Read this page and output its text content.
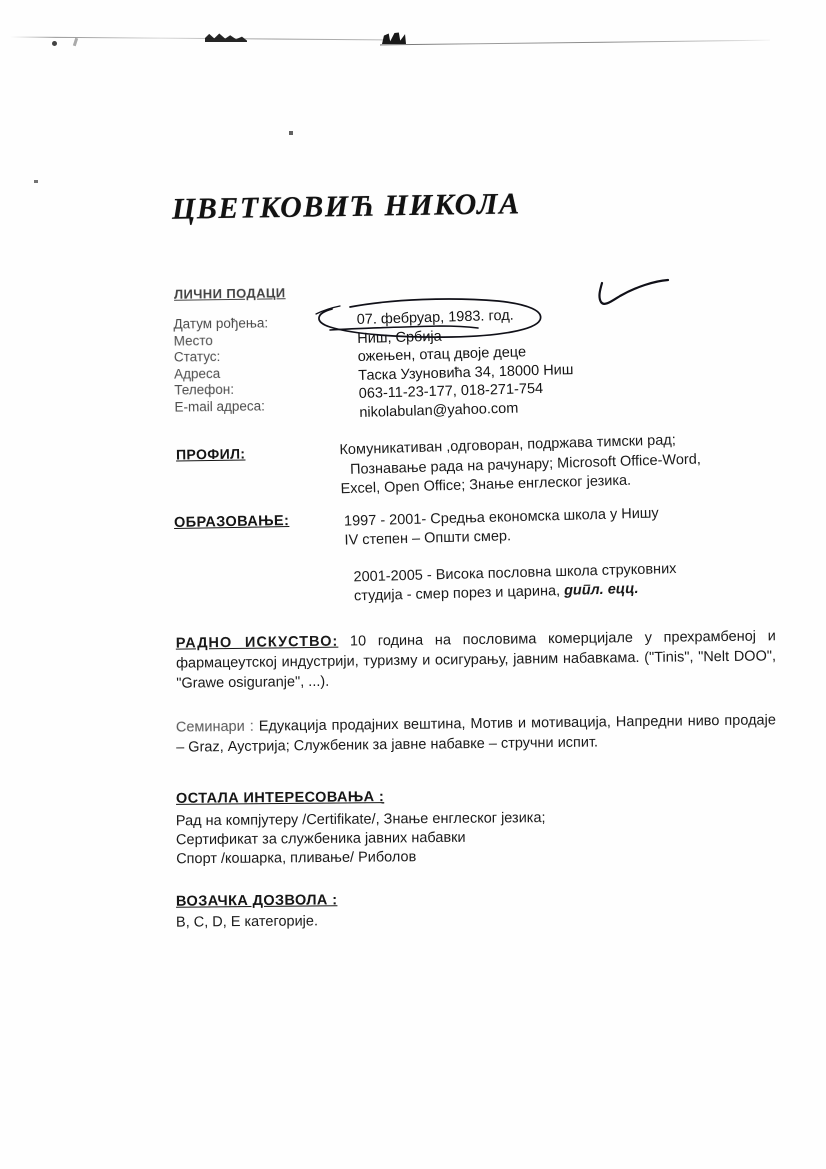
ЦВЕТКОВИЋ НИКОЛА
ЛИЧНИ ПОДАЦИ
Датум рођења:
Место
Статус:
Адреса
Телефон:
E-mail адреса:
07. фебруар, 1983. год.
Ниш, Србија
ожењен, отац двоје деце
Таска Узуновића 34, 18000 Ниш
063-11-23-177, 018-271-754
nikolabulan@yahoo.com
ПРОФИЛ:	Комуникативан ,одговоран, подржава тимски рад;
Познавање рада на рачунару; Microsoft Office-Word,
Excel, Open Office; Знање енглеског језика.
ОБРАЗОВАЊЕ:	1997 - 2001- Средња економска школа у Нишу
IV степен – Општи смер.
2001-2005 - Висока пословна школа струковних
студија - смер порез и царина, дипл. ецц.
РАДНО ИСКУСТВО: 10 година на пословима комерцијале у прехрамбеној и фармацеутској индустрији, туризму и осигурању, јавним набавкама. ("Tinis", "Nelt DOO", "Grawe osiguranje", ...).
Семинари : Едукација продајних вештина, Мотив и мотивација, Напредни ниво продаје – Graz, Аустрија; Службеник за јавне набавке – стручни испит.
ОСТАЛА ИНТЕРЕСОВАЊА :
Рад на компјутеру /Certifikate/, Знање енглеског језика;
Сертификат за службеника јавних набавки
Спорт /кошарка, пливање/ Риболов
ВОЗАЧКА ДОЗВОЛА :
B, C, D, E категорије.
